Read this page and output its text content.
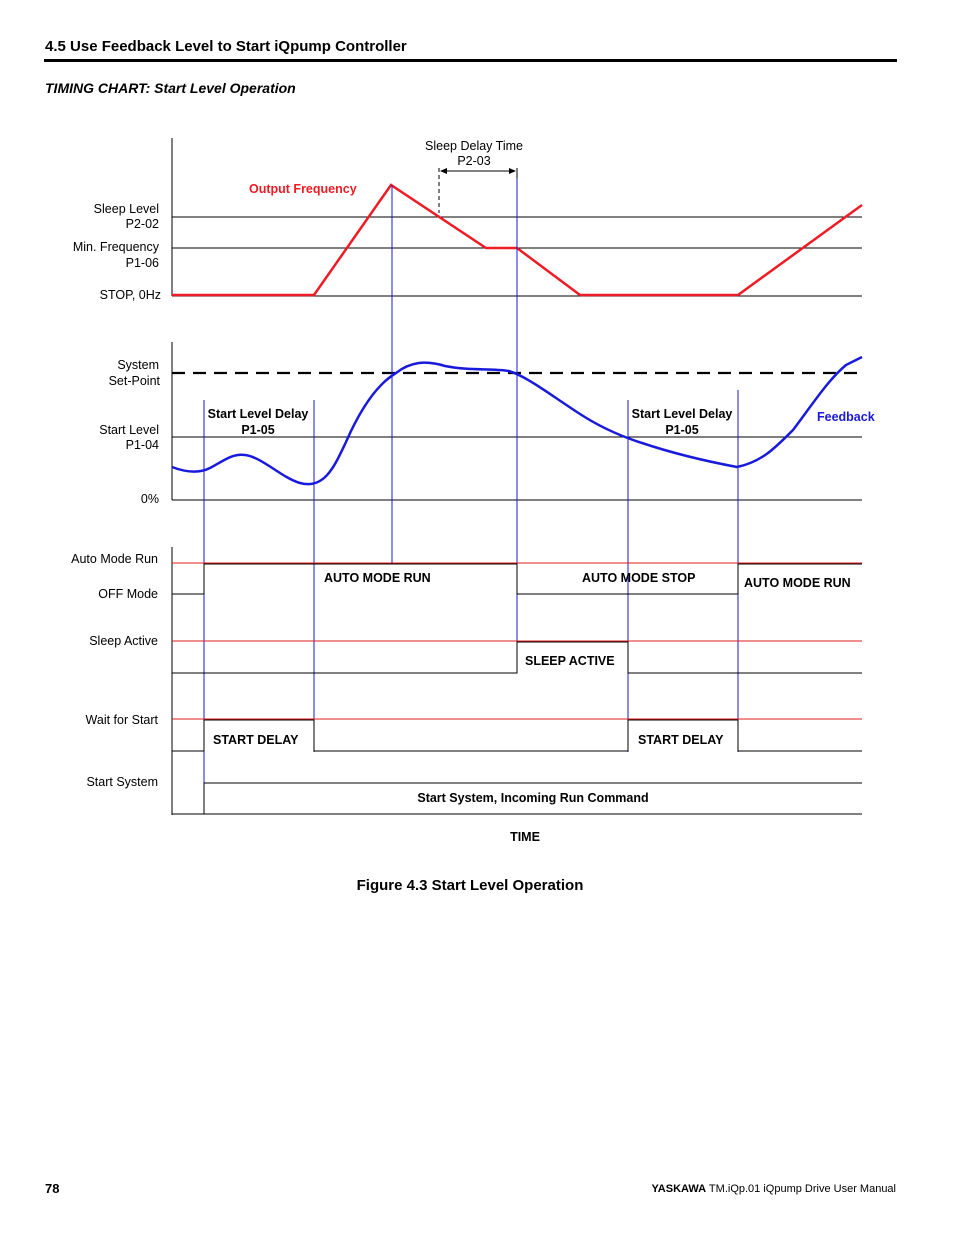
4.5 Use Feedback Level to Start iQpump Controller
TIMING CHART: Start Level Operation
Sleep Delay Time
P2-03
Output Frequency
Sleep Level
P2-02
Min. Frequency
P1-06
STOP, 0Hz
System
Set-Point
Start Level
P1-04
0%
Start Level Delay
P1-05
Start Level Delay
P1-05
Feedback
Auto Mode Run
OFF Mode
AUTO MODE RUN	AUTO MODE STOP	AUTO MODE RUN
Sleep Active
SLEEP ACTIVE
Wait for Start
START DELAY	START DELAY
Start System
Start System, Incoming Run Command
TIME
Figure 4.3 Start Level Operation
78	YASKAWA TM.iQp.01 iQpump Drive User Manual
